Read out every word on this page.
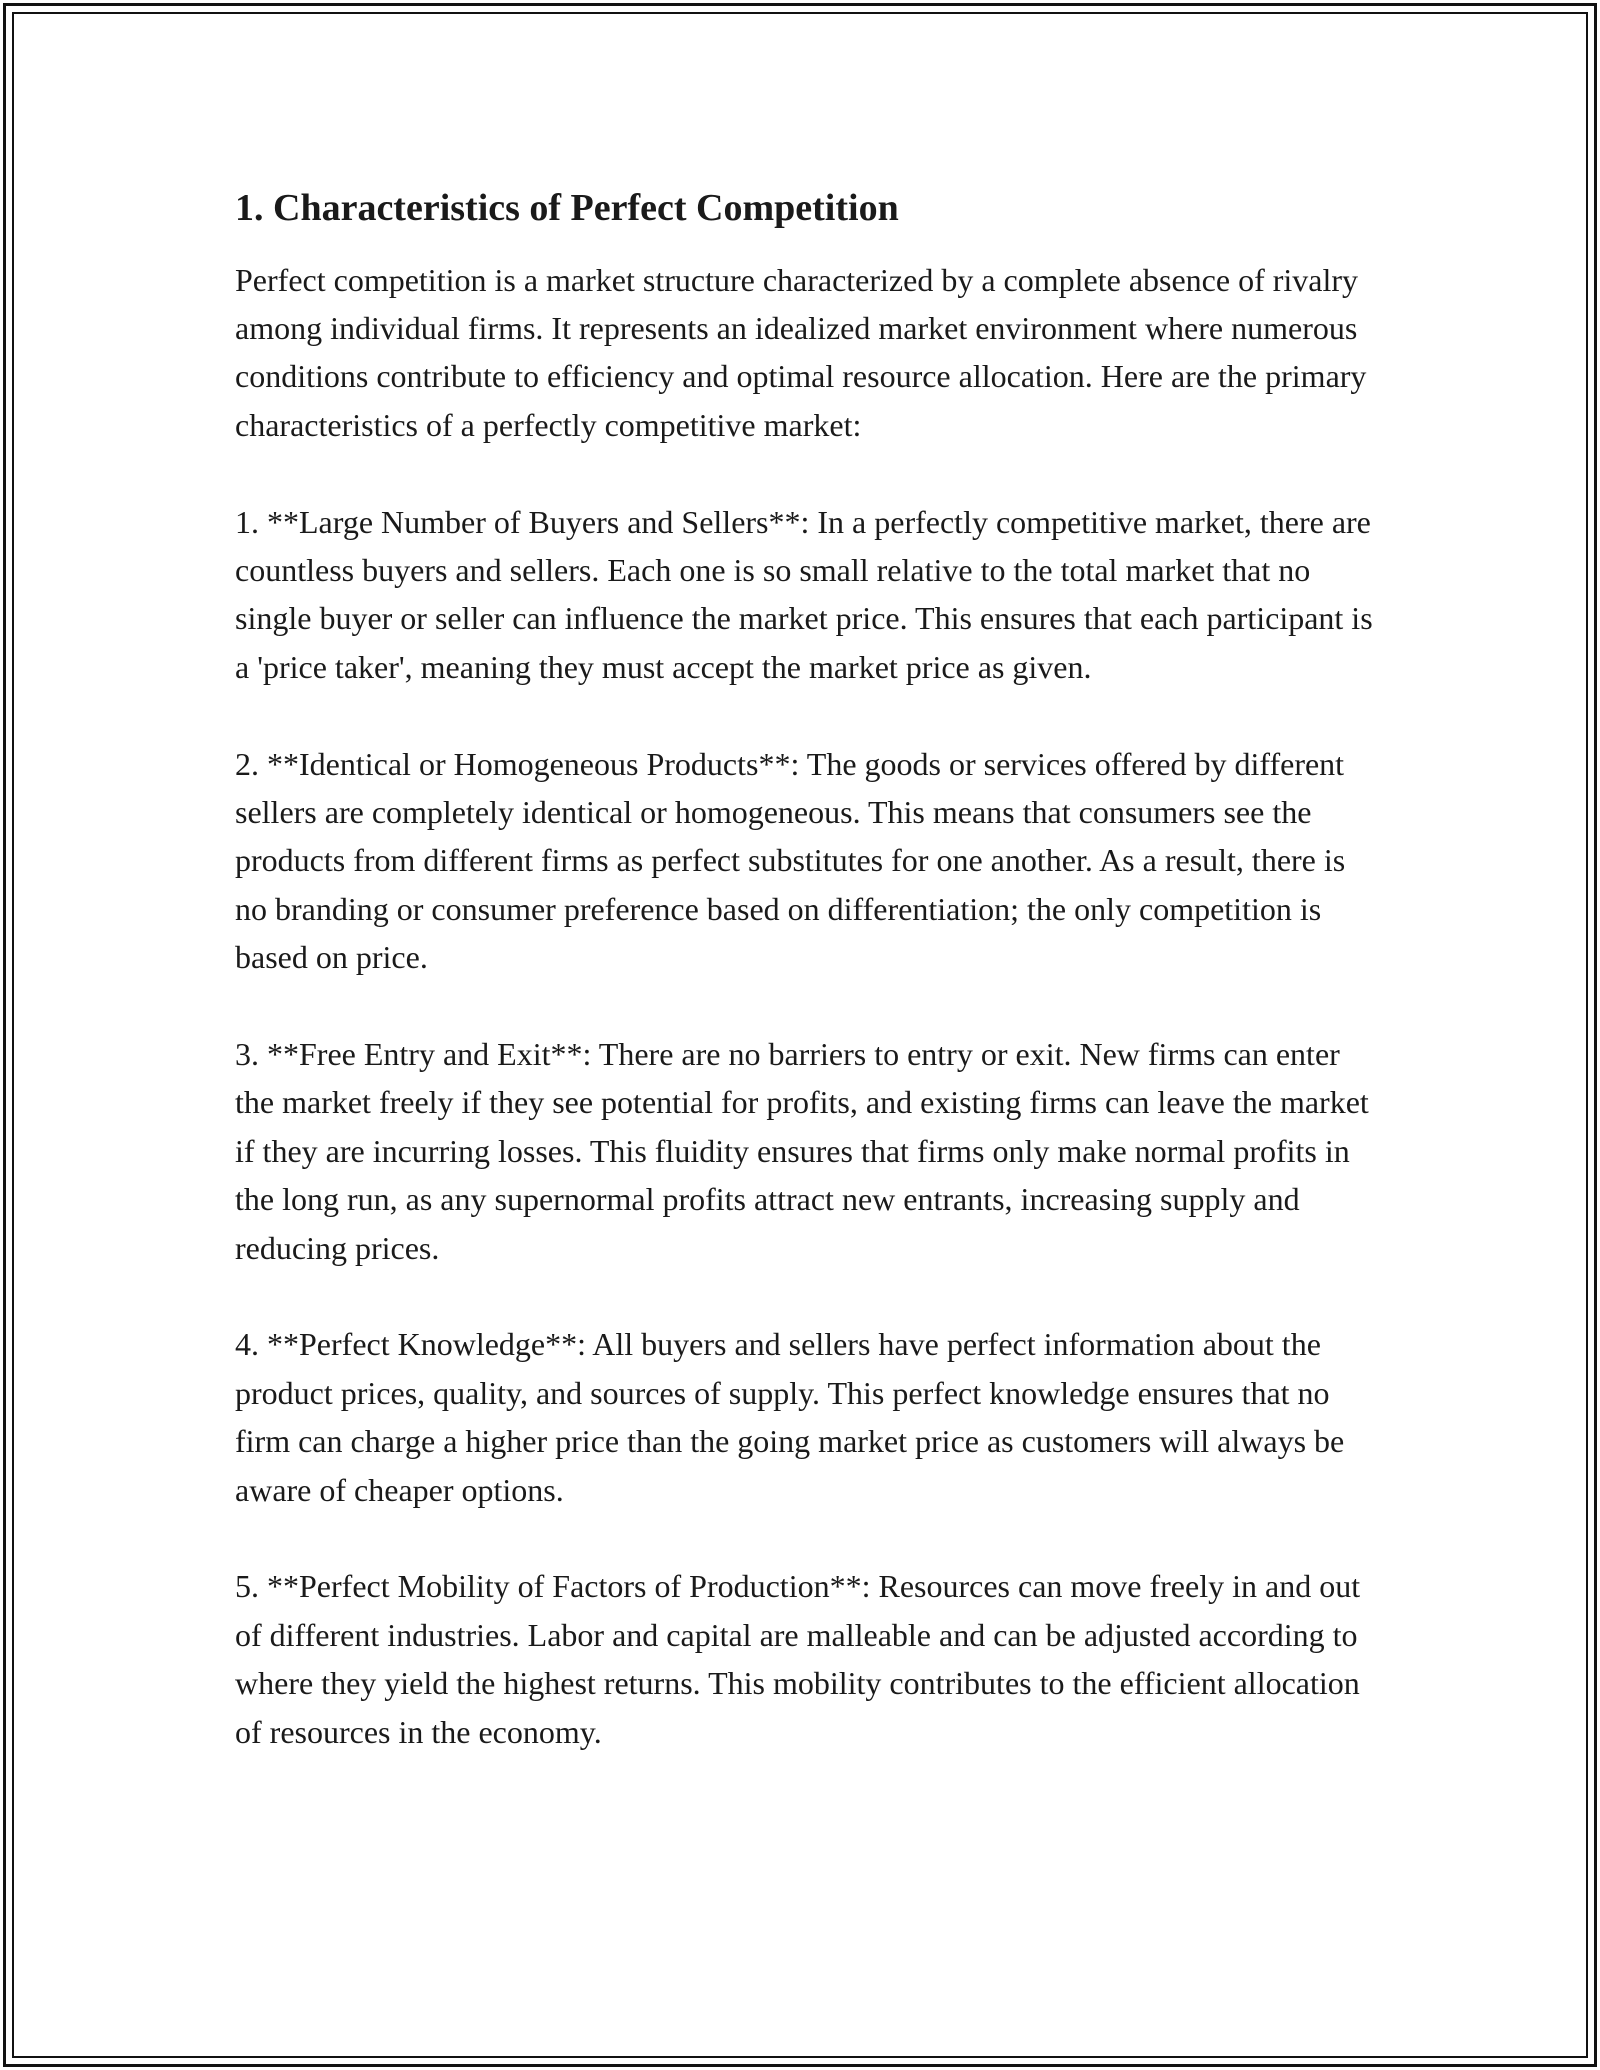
1. Characteristics of Perfect Competition

Perfect competition is a market structure characterized by a complete absence of rivalry among individual firms. It represents an idealized market environment where numerous conditions contribute to efficiency and optimal resource allocation. Here are the primary characteristics of a perfectly competitive market:

1. **Large Number of Buyers and Sellers**: In a perfectly competitive market, there are countless buyers and sellers. Each one is so small relative to the total market that no single buyer or seller can influence the market price. This ensures that each participant is a 'price taker', meaning they must accept the market price as given.

2. **Identical or Homogeneous Products**: The goods or services offered by different sellers are completely identical or homogeneous. This means that consumers see the products from different firms as perfect substitutes for one another. As a result, there is no branding or consumer preference based on differentiation; the only competition is based on price.

3. **Free Entry and Exit**: There are no barriers to entry or exit. New firms can enter the market freely if they see potential for profits, and existing firms can leave the market if they are incurring losses. This fluidity ensures that firms only make normal profits in the long run, as any supernormal profits attract new entrants, increasing supply and reducing prices.

4. **Perfect Knowledge**: All buyers and sellers have perfect information about the product prices, quality, and sources of supply. This perfect knowledge ensures that no firm can charge a higher price than the going market price as customers will always be aware of cheaper options.

5. **Perfect Mobility of Factors of Production**: Resources can move freely in and out of different industries. Labor and capital are malleable and can be adjusted according to where they yield the highest returns. This mobility contributes to the efficient allocation of resources in the economy.
